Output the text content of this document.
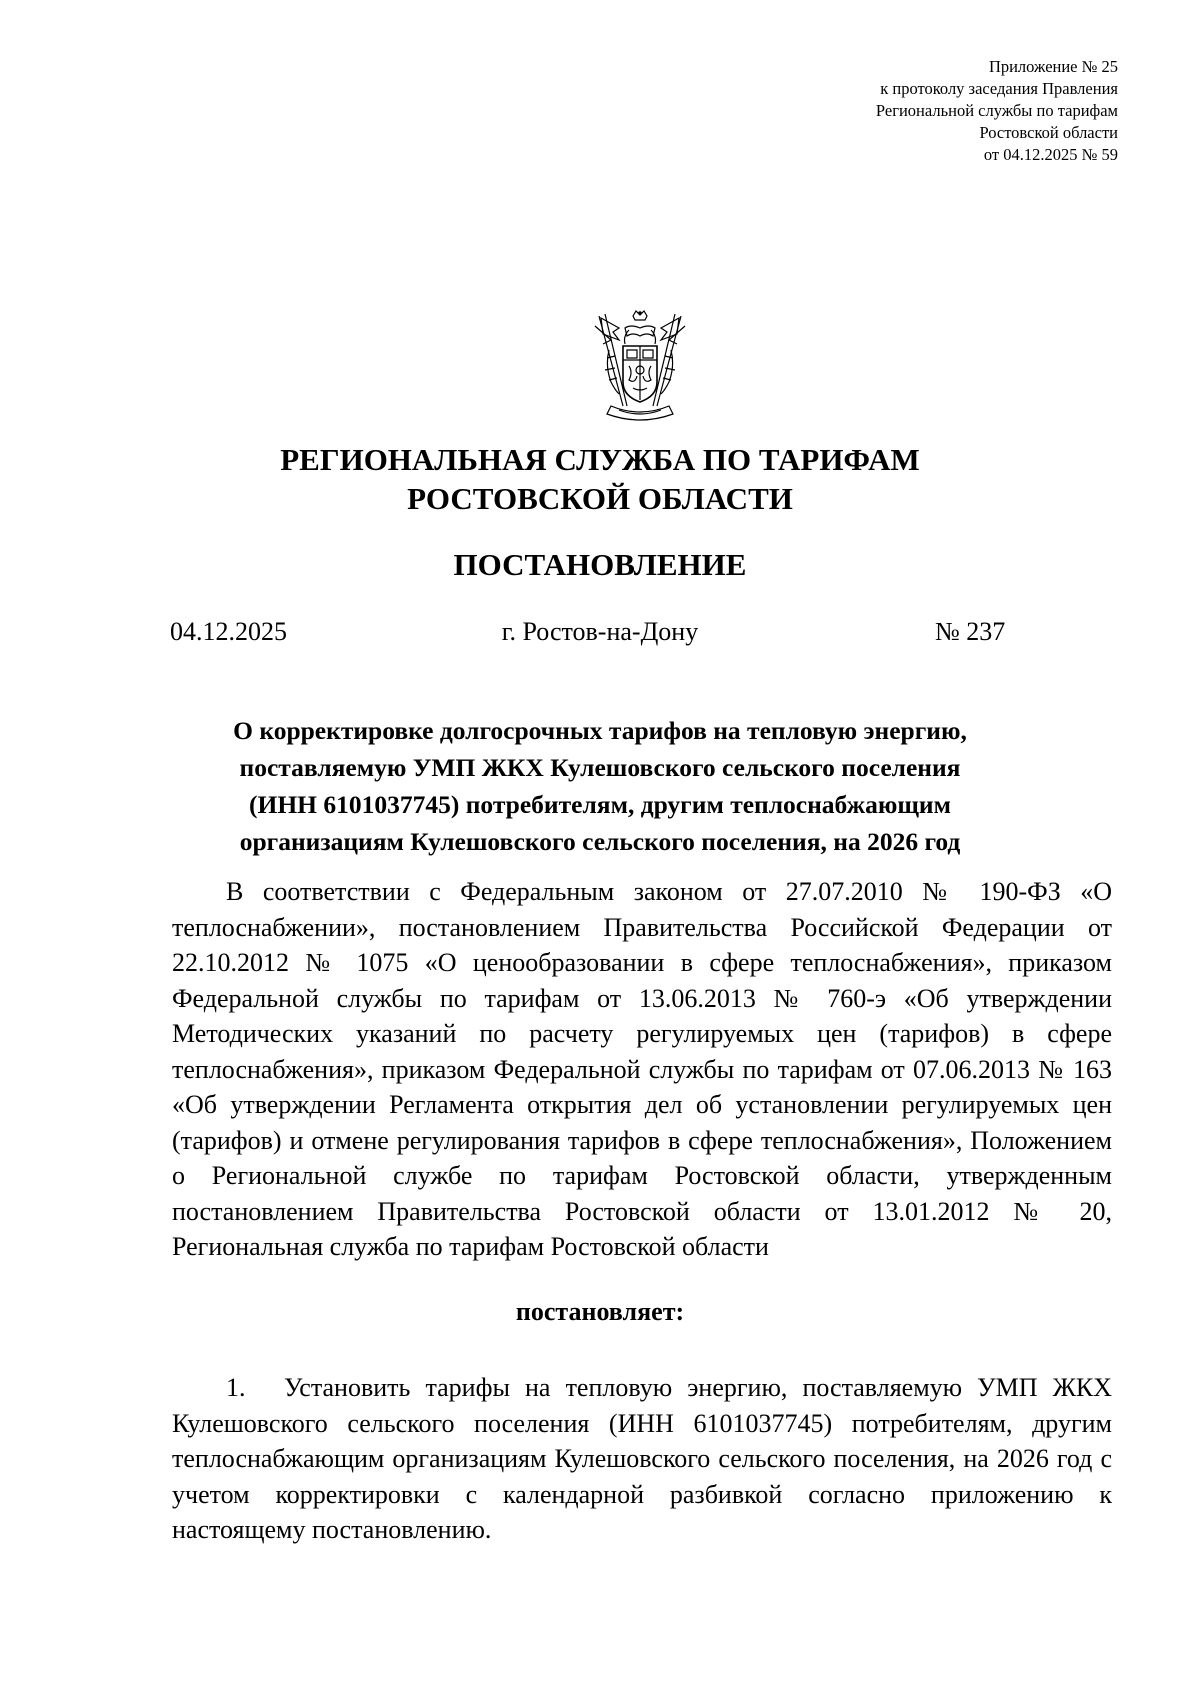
Приложение № 25
к протоколу заседания Правления
Региональной службы по тарифам
Ростовской области
от 04.12.2025 № 59
РЕГИОНАЛЬНАЯ СЛУЖБА ПО ТАРИФАМ
РОСТОВСКОЙ ОБЛАСТИ
ПОСТАНОВЛЕНИЕ
04.12.2025	г. Ростов-на-Дону	№ 237
О корректировке долгосрочных тарифов на тепловую энергию,
поставляемую УМП ЖКХ Кулешовского сельского поселения
(ИНН 6101037745) потребителям, другим теплоснабжающим
организациям Кулешовского сельского поселения, на 2026 год
В соответствии с Федеральным законом от 27.07.2010 № 190-ФЗ «О теплоснабжении», постановлением Правительства Российской Федерации от 22.10.2012 № 1075 «О ценообразовании в сфере теплоснабжения», приказом Федеральной службы по тарифам от 13.06.2013 № 760-э «Об утверждении Методических указаний по расчету регулируемых цен (тарифов) в сфере теплоснабжения», приказом Федеральной службы по тарифам от 07.06.2013 № 163 «Об утверждении Регламента открытия дел об установлении регулируемых цен (тарифов) и отмене регулирования тарифов в сфере теплоснабжения», Положением о Региональной службе по тарифам Ростовской области, утвержденным постановлением Правительства Ростовской области от 13.01.2012 № 20, Региональная служба по тарифам Ростовской области
постановляет:
1. Установить тарифы на тепловую энергию, поставляемую УМП ЖКХ Кулешовского сельского поселения (ИНН 6101037745) потребителям, другим теплоснабжающим организациям Кулешовского сельского поселения, на 2026 год с учетом корректировки с календарной разбивкой согласно приложению к настоящему постановлению.
